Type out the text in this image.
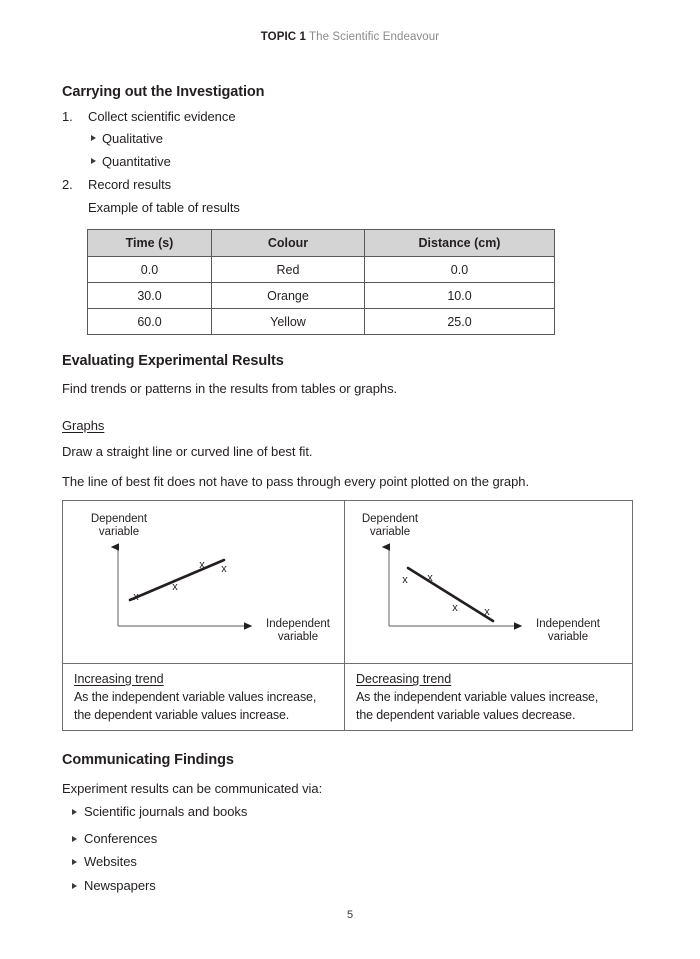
TOPIC 1 The Scientific Endeavour
Carrying out the Investigation
1. Collect scientific evidence
Qualitative
Quantitative
2. Record results
Example of table of results
Time (s)	Colour	Distance (cm)
0.0	Red	0.0
30.0	Orange	10.0
60.0	Yellow	25.0
Evaluating Experimental Results
Find trends or patterns in the results from tables or graphs.
Graphs
Draw a straight line or curved line of best fit.
The line of best fit does not have to pass through every point plotted on the graph.
x
x
x x
Dependent
variable
Independent
variable
x x
x x
Dependent
variable
Independent
variable
Increasing trend
As the independent variable values increase,
the dependent variable values increase.
Decreasing trend
As the independent variable values increase,
the dependent variable values decrease.
Communicating Findings
Experiment results can be communicated via:
Scientific journals and books
Conferences
Websites
Newspapers
5
